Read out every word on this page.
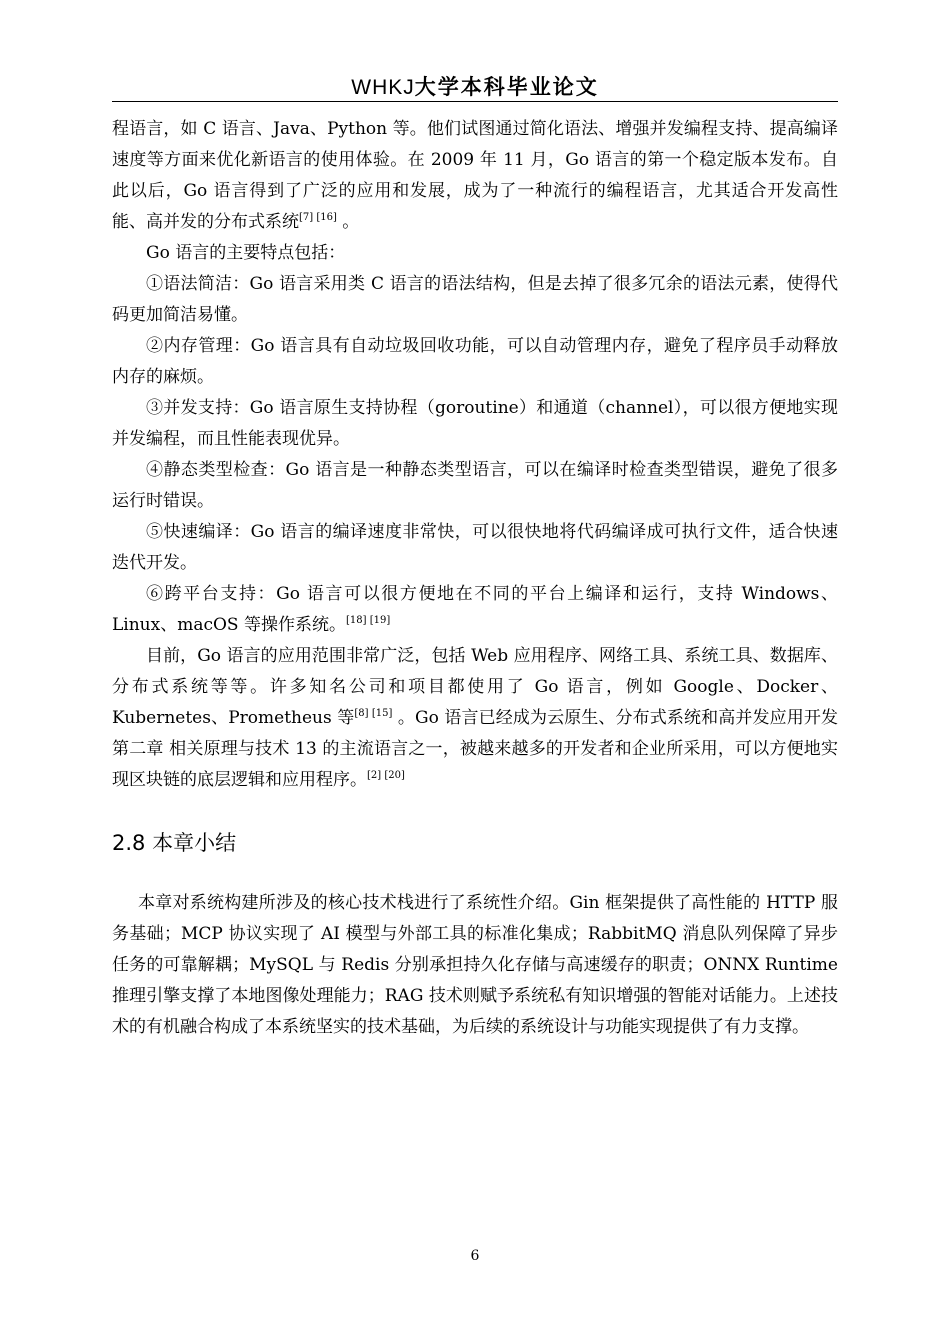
WHKJ大学本科毕业论文

程语言，如 C 语言、Java、Python 等。他们试图通过简化语法、增强并发编程支持、提高编译速度等方面来优化新语言的使用体验。在 2009 年 11 月，Go 语言的第一个稳定版本发布。自此以后，Go 语言得到了广泛的应用和发展，成为了一种流行的编程语言，尤其适合开发高性能、高并发的分布式系统[7] [16] 。

Go 语言的主要特点包括：

①语法简洁：Go 语言采用类 C 语言的语法结构，但是去掉了很多冗余的语法元素，使得代码更加简洁易懂。

②内存管理：Go 语言具有自动垃圾回收功能，可以自动管理内存，避免了程序员手动释放内存的麻烦。

③并发支持：Go 语言原生支持协程（goroutine）和通道（channel），可以很方便地实现并发编程，而且性能表现优异。

④静态类型检查：Go 语言是一种静态类型语言，可以在编译时检查类型错误，避免了很多运行时错误。

⑤快速编译：Go 语言的编译速度非常快，可以很快地将代码编译成可执行文件，适合快速迭代开发。

⑥跨平台支持：Go 语言可以很方便地在不同的平台上编译和运行，支持 Windows、Linux、macOS 等操作系统。[18] [19]

目前，Go 语言的应用范围非常广泛，包括 Web 应用程序、网络工具、系统工具、数据库、分布式系统等等。许多知名公司和项目都使用了 Go 语言，例如 Google、Docker、Kubernetes、Prometheus 等[8] [15] 。Go 语言已经成为云原生、分布式系统和高并发应用开发第二章 相关原理与技术 13 的主流语言之一，被越来越多的开发者和企业所采用，可以方便地实现区块链的底层逻辑和应用程序。[2] [20]

2.8 本章小结

本章对系统构建所涉及的核心技术栈进行了系统性介绍。Gin 框架提供了高性能的 HTTP 服务基础；MCP 协议实现了 AI 模型与外部工具的标准化集成；RabbitMQ 消息队列保障了异步任务的可靠解耦；MySQL 与 Redis 分别承担持久化存储与高速缓存的职责；ONNX Runtime 推理引擎支撑了本地图像处理能力；RAG 技术则赋予系统私有知识增强的智能对话能力。上述技术的有机融合构成了本系统坚实的技术基础，为后续的系统设计与功能实现提供了有力支撑。

6
